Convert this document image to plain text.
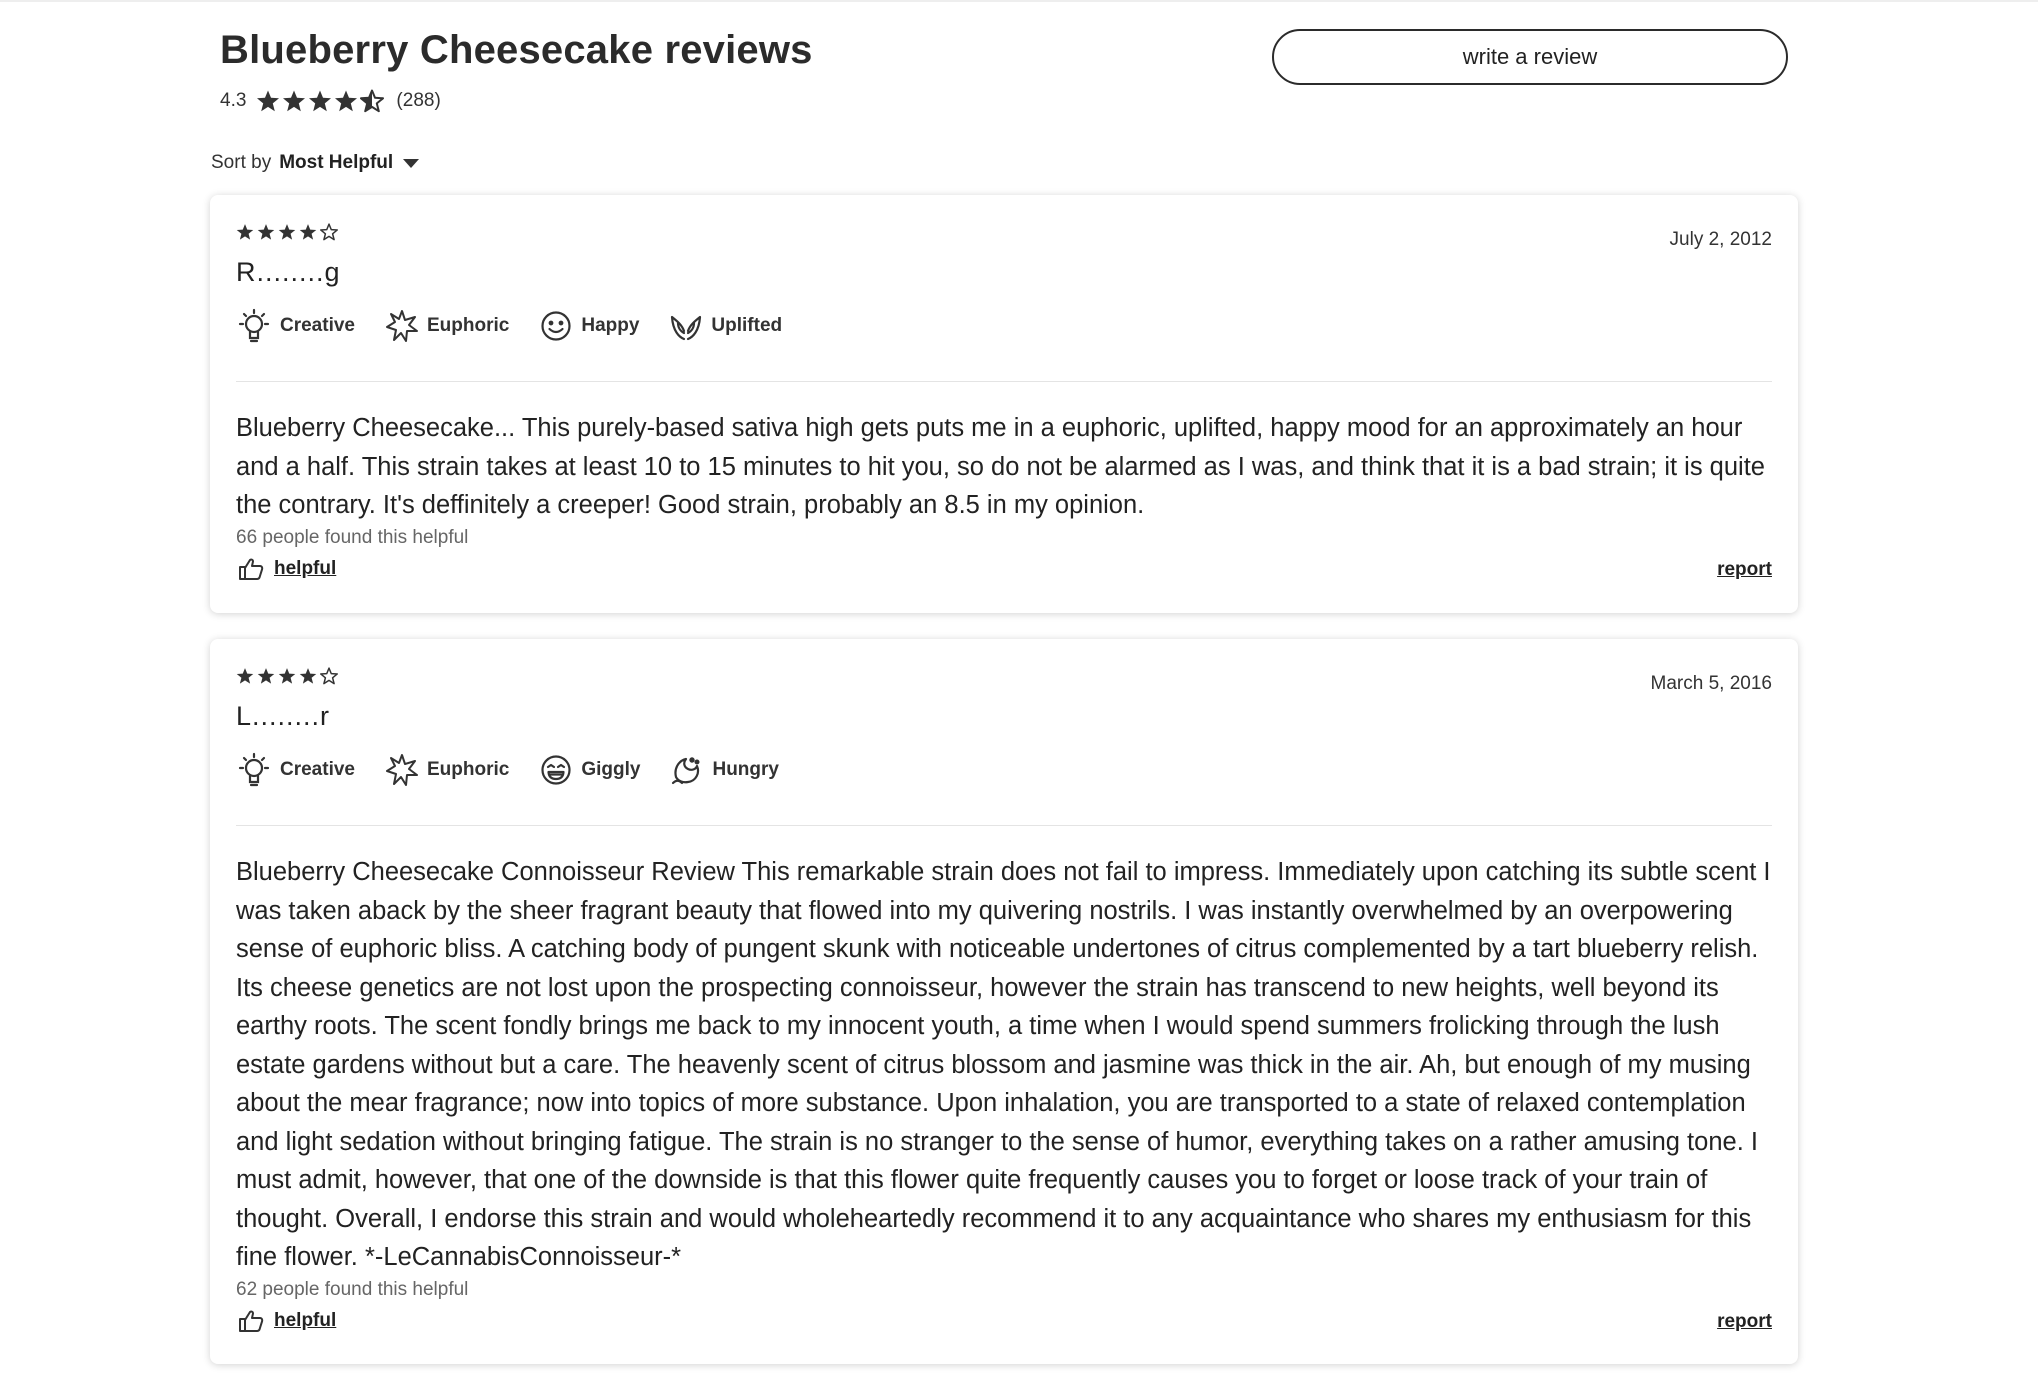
Blueberry Cheesecake reviews
4.3	(288)
write a review
Sort by Most Helpful
July 2, 2012
R........g
Creative	Euphoric	Happy	Uplifted

Blueberry Cheesecake... This purely-based sativa high gets puts me in a euphoric, uplifted, happy mood for an approximately an hour and a half. This strain takes at least 10 to 15 minutes to hit you, so do not be alarmed as I was, and think that it is a bad strain; it is quite the contrary. It's deffinitely a creeper! Good strain, probably an 8.5 in my opinion.

66 people found this helpful
helpful	report
March 5, 2016
L........r
Creative	Euphoric	Giggly	Hungry

Blueberry Cheesecake Connoisseur Review This remarkable strain does not fail to impress. Immediately upon catching its subtle scent I was taken aback by the sheer fragrant beauty that flowed into my quivering nostrils. I was instantly overwhelmed by an overpowering sense of euphoric bliss. A catching body of pungent skunk with noticeable undertones of citrus complemented by a tart blueberry relish. Its cheese genetics are not lost upon the prospecting connoisseur, however the strain has transcend to new heights, well beyond its earthy roots. The scent fondly brings me back to my innocent youth, a time when I would spend summers frolicking through the lush estate gardens without but a care. The heavenly scent of citrus blossom and jasmine was thick in the air. Ah, but enough of my musing about the mear fragrance; now into topics of more substance. Upon inhalation, you are transported to a state of relaxed contemplation and light sedation without bringing fatigue. The strain is no stranger to the sense of humor, everything takes on a rather amusing tone. I must admit, however, that one of the downside is that this flower quite frequently causes you to forget or loose track of your train of thought. Overall, I endorse this strain and would wholeheartedly recommend it to any acquaintance who shares my enthusiasm for this fine flower. *-LeCannabisConnoisseur-*

62 people found this helpful
helpful	report
